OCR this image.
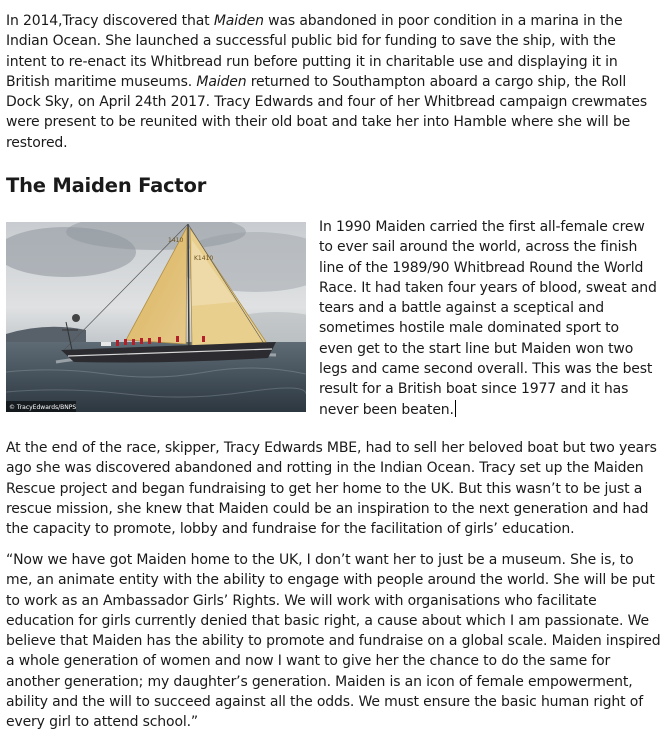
In 2014,Tracy discovered that Maiden was abandoned in poor condition in a marina in the Indian Ocean. She launched a successful public bid for funding to save the ship, with the intent to re-enact its Whitbread run before putting it in charitable use and displaying it in British maritime museums. Maiden returned to Southampton aboard a cargo ship, the Roll Dock Sky, on April 24th 2017. Tracy Edwards and four of her Whitbread campaign crewmates were present to be reunited with their old boat and take her into Hamble where she will be restored.
The Maiden Factor
1410
K1410
© TracyEdwards/BNPS
In 1990 Maiden carried the first all-female crew to ever sail around the world, across the finish line of the 1989/90 Whitbread Round the World Race. It had taken four years of blood, sweat and tears and a battle against a sceptical and sometimes hostile male dominated sport to even get to the start line but Maiden won two legs and came second overall. This was the best result for a British boat since 1977 and it has never been beaten.
At the end of the race, skipper, Tracy Edwards MBE, had to sell her beloved boat but two years ago she was discovered abandoned and rotting in the Indian Ocean. Tracy set up the Maiden Rescue project and began fundraising to get her home to the UK. But this wasn’t to be just a rescue mission, she knew that Maiden could be an inspiration to the next generation and had the capacity to promote, lobby and fundraise for the facilitation of girls’ education.
“Now we have got Maiden home to the UK, I don’t want her to just be a museum. She is, to me, an animate entity with the ability to engage with people around the world. She will be put to work as an Ambassador Girls’ Rights. We will work with organisations who facilitate education for girls currently denied that basic right, a cause about which I am passionate. We believe that Maiden has the ability to promote and fundraise on a global scale. Maiden inspired a whole generation of women and now I want to give her the chance to do the same for another generation; my daughter’s generation. Maiden is an icon of female empowerment, ability and the will to succeed against all the odds. We must ensure the basic human right of every girl to attend school.”
